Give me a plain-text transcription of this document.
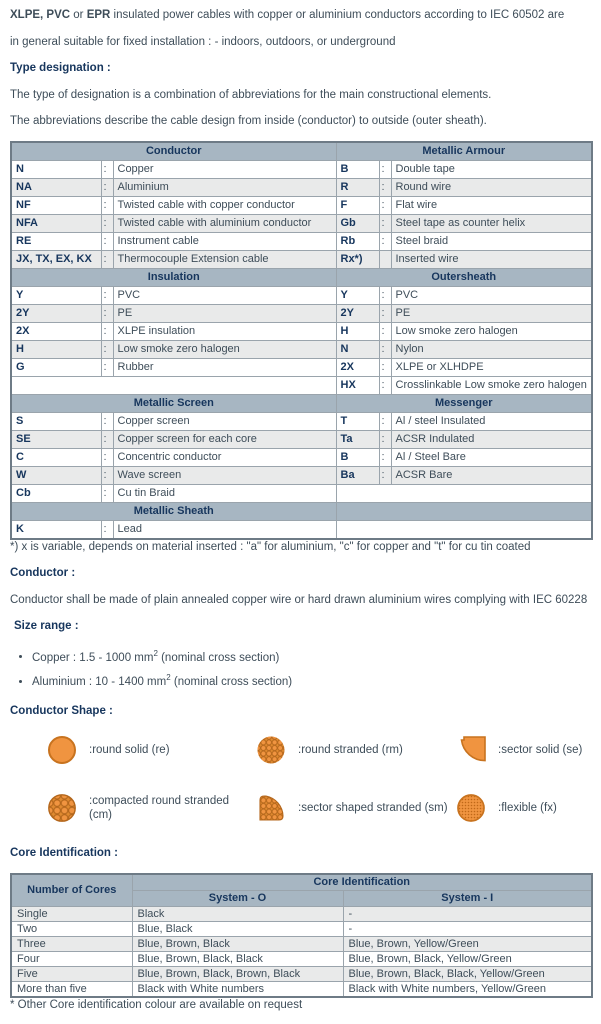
XLPE, PVC or EPR insulated power cables with copper or aluminium conductors according to IEC 60502 are

in general suitable for fixed installation : - indoors, outdoors, or underground

Type designation :

The type of designation is a combination of abbreviations for the main constructional elements.

The abbreviations describe the cable design from inside (conductor) to outside (outer sheath).

Conductor			Metallic Armour		
N	:	Copper	B	:	Double tape
NA	:	Aluminium	R	:	Round wire
NF	:	Twisted cable with copper conductor	F	:	Flat wire
NFA	:	Twisted cable with aluminium conductor	Gb	:	Steel tape as counter helix
RE	:	Instrument cable	Rb	:	Steel braid
JX, TX, EX, KX	:	Thermocouple Extension cable	Rx*)		Inserted wire
Insulation			Outersheath		
Y	:	PVC	Y	:	PVC
2Y	:	PE	2Y	:	PE
2X	:	XLPE insulation	H	:	Low smoke zero halogen
H	:	Low smoke zero halogen	N	:	Nylon
G	:	Rubber	2X	:	XLPE or XLHDPE
			HX	:	Crosslinkable Low smoke zero halogen
Metallic Screen			Messenger		
S	:	Copper screen	T	:	Al / steel Insulated
SE	:	Copper screen for each core	Ta	:	ACSR Indulated
C	:	Concentric conductor	B	:	Al / Steel Bare
W	:	Wave screen	Ba	:	ACSR Bare
Cb	:	Cu tin Braid			
Metallic Sheath					
K	:	Lead			

*) x is variable, depends on material inserted : "a" for aluminium, "c" for copper and "t" for cu tin coated

Conductor :

Conductor shall be made of plain annealed copper wire or hard drawn aluminium wires complying with IEC 60228

Size range :

• Copper : 1.5 - 1000 $mm^2$ (nominal cross section)
• Aluminium : 10 - 1400 $mm^2$ (nominal cross section)

Conductor Shape :

:round solid (re)	:round stranded (rm)	:sector solid (se)
:compacted round stranded (cm)
:sector shaped stranded (sm)	:flexible (fx)

Core Identification :

Number of Cores	Core Identification	
	System - O	System - I
Single	Black	-
Two	Blue, Black	-
Three	Blue, Brown, Black	Blue, Brown, Yellow/Green
Four	Blue, Brown, Black, Black	Blue, Brown, Black, Yellow/Green
Five	Blue, Brown, Black, Brown, Black	Blue, Brown, Black, Black, Yellow/Green
More than five	Black with White numbers	Black with White numbers, Yellow/Green

* Other Core identification colour are available on request
